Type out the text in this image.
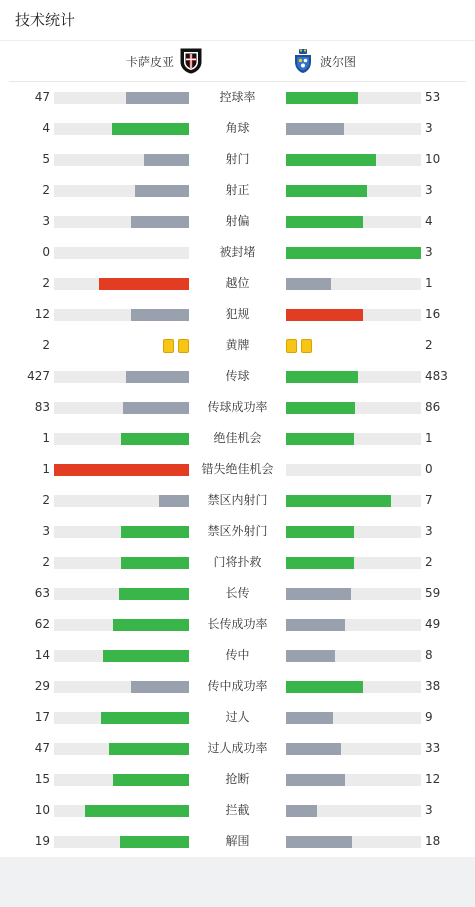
技术统计
卡萨皮亚	波尔图
47	控球率	53
4	角球	3
5	射门	10
2	射正	3
3	射偏	4
0	被封堵	3
2	越位	1
12	犯规	16
2	黄牌	2
427	传球	483
83	传球成功率	86
1	绝佳机会	1
1	错失绝佳机会	0
2	禁区内射门	7
3	禁区外射门	3
2	门将扑救	2
63	长传	59
62	长传成功率	49
14	传中	8
29	传中成功率	38
17	过人	9
47	过人成功率	33
15	抢断	12
10	拦截	3
19	解围	18
